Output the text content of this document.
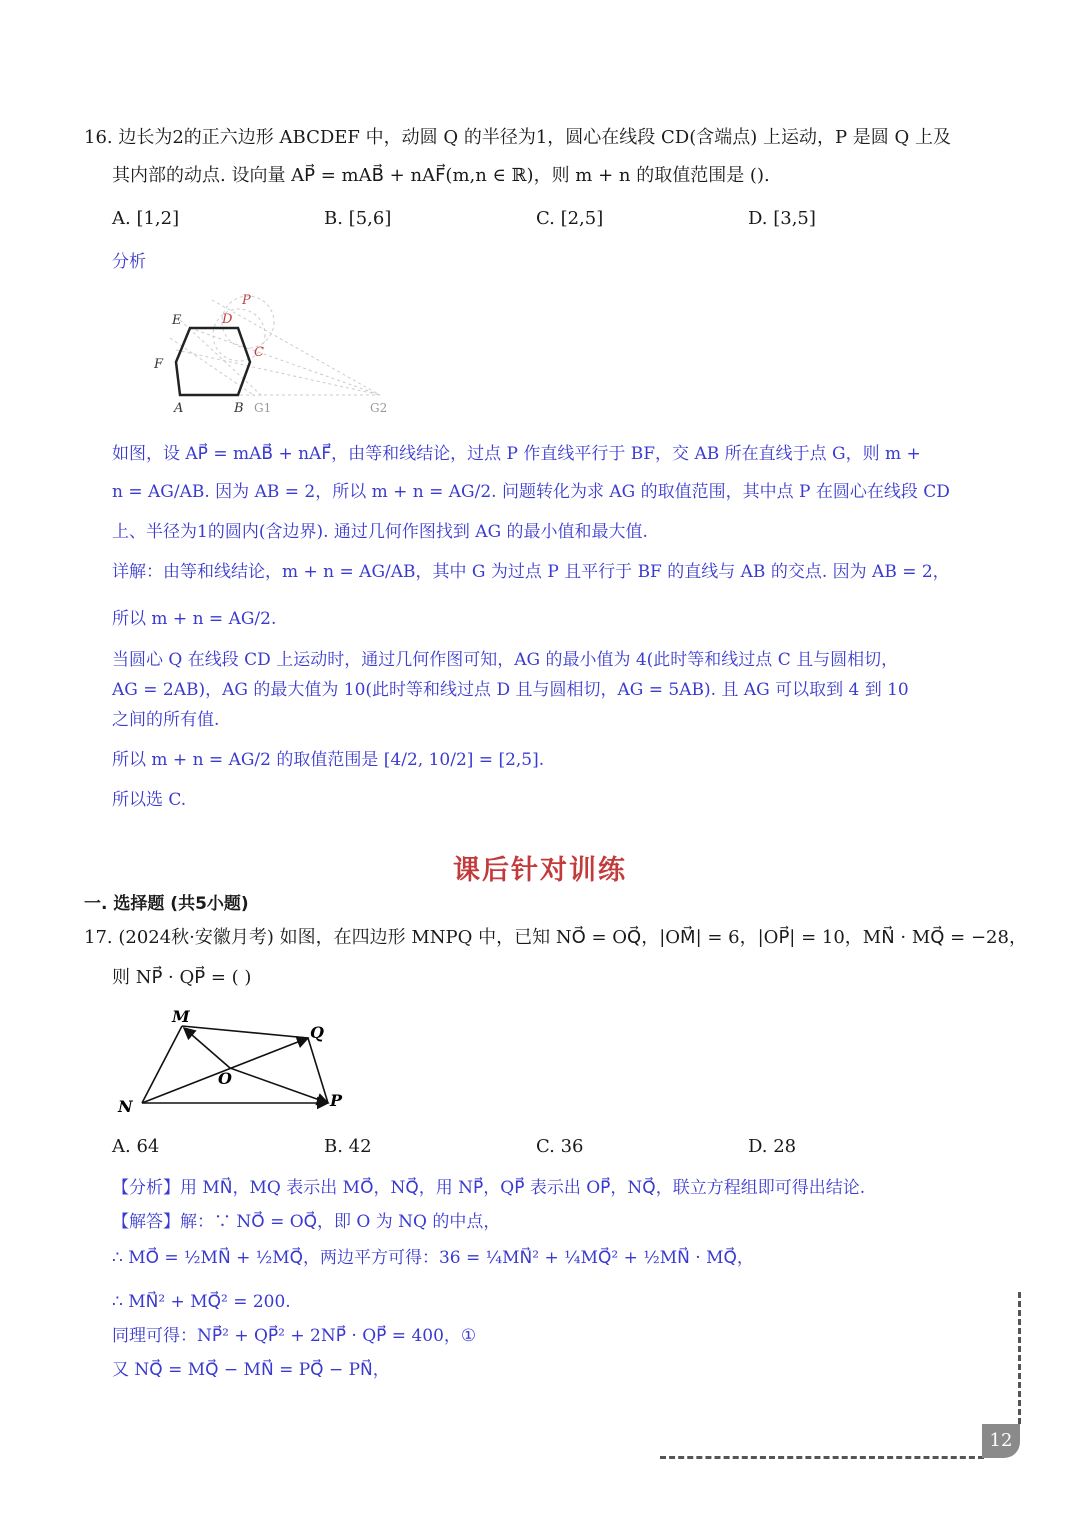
16. 边长为2的正六边形 ABCDEF 中，动圆 Q 的半径为1，圆心在线段 CD(含端点) 上运动，P 是圆 Q 上及
其内部的动点. 设向量 AP⃗ = mAB⃗ + nAF⃗(m,n ∈ ℝ)，则 m + n 的取值范围是 ().
A. [1,2]	B. [5,6]	C. [2,5]	D. [3,5]
分析
E	D
P
F
C
A	B G1	G2
如图，设 AP⃗ = mAB⃗ + nAF⃗，由等和线结论，过点 P 作直线平行于 BF，交 AB 所在直线于点 G，则 m +
n = AG/AB. 因为 AB = 2，所以 m + n = AG/2. 问题转化为求 AG 的取值范围，其中点 P 在圆心在线段 CD
上、半径为1的圆内(含边界). 通过几何作图找到 AG 的最小值和最大值.
详解：由等和线结论，m + n = AG/AB，其中 G 为过点 P 且平行于 BF 的直线与 AB 的交点. 因为 AB = 2，
所以 m + n = AG/2.
当圆心 Q 在线段 CD 上运动时，通过几何作图可知，AG 的最小值为 4(此时等和线过点 C 且与圆相切，
AG = 2AB)，AG 的最大值为 10(此时等和线过点 D 且与圆相切，AG = 5AB). 且 AG 可以取到 4 到 10
之间的所有值.
所以 m + n = AG/2 的取值范围是 [4/2, 10/2] = [2,5].
所以选 C.
课后针对训练
一. 选择题 (共5小题)
17. (2024秋·安徽月考) 如图，在四边形 MNPQ 中，已知 NO⃗ = OQ⃗，|OM⃗| = 6，|OP⃗| = 10，MN⃗ · MQ⃗ = −28，
则 NP⃗ · QP⃗ = ( )
M
N
O
Q
P
A. 64	B. 42	C. 36	D. 28
【分析】用 MN⃗，MQ 表示出 MO⃗，NQ⃗，用 NP⃗，QP⃗ 表示出 OP⃗，NQ⃗，联立方程组即可得出结论.
【解答】解：∵ NO⃗ = OQ⃗，即 O 为 NQ 的中点，
∴ MO⃗ = ½MN⃗ + ½MQ⃗，两边平方可得：36 = ¼MN⃗² + ¼MQ⃗² + ½MN⃗ · MQ⃗，
∴ MN⃗² + MQ⃗² = 200.
同理可得：NP⃗² + QP⃗² + 2NP⃗ · QP⃗ = 400，①
又 NQ⃗ = MQ⃗ − MN⃗ = PQ⃗ − PN⃗，
12
